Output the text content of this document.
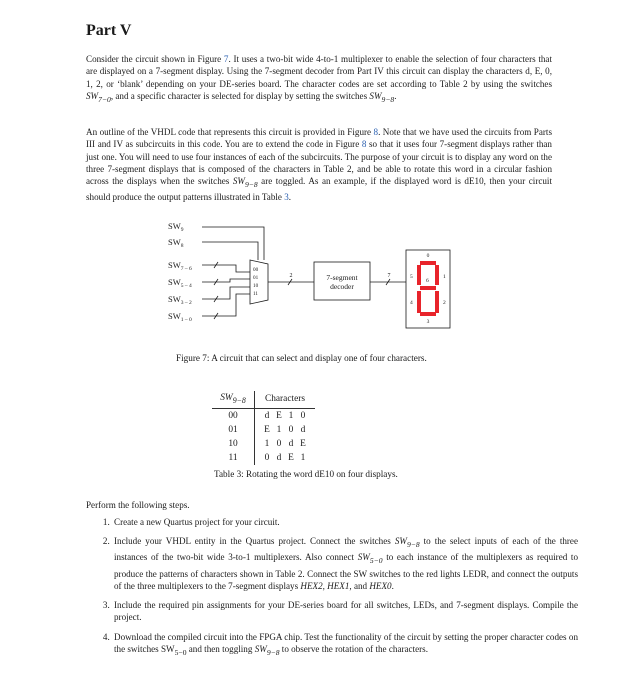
Part V

Consider the circuit shown in Figure 7. It uses a two-bit wide 4-to-1 multiplexer to enable the selection of four characters that are displayed on a 7-segment display. Using the 7-segment decoder from Part IV this circuit can display the characters d, E, 0, 1, 2, or ‘blank’ depending on your DE-series board. The character codes are set according to Table 2 by using the switches $SW_{7-0}$, and a specific character is selected for display by setting the switches $SW_{9-8}$.

An outline of the VHDL code that represents this circuit is provided in Figure 8. Note that we have used the circuits from Parts III and IV as subcircuits in this code. You are to extend the code in Figure 8 so that it uses four 7-segment displays rather than just one. You will need to use four instances of each of the subcircuits. The purpose of your circuit is to display any word on the three 7-segment displays that is composed of the characters in Table 2, and be able to rotate this word in a circular fashion across the displays when the switches $SW_{9-8}$ are toggled. As an example, if the displayed word is dE10, then your circuit should produce the output patterns illustrated in Table 3.

$SW_9$
$SW_8$
$SW_{7 - 6}$
$SW_{5 - 4}$
$SW_{3 - 2}$
$SW_{1 - 0}$
2	7
00
01
10
11
7-segment
decoder
0
1
2
3
4
5
6

Figure 7: A circuit that can select and display one of four characters.

$SW_{9-8}$	Characters
00	d E 1 0
01	E 1 0 d
10	1 0 d E
11	0 d E 1

Table 3: Rotating the word dE10 on four displays.

Perform the following steps.

1. Create a new Quartus project for your circuit.
2. Include your VHDL entity in the Quartus project. Connect the switches $SW_{9-8}$ to the select inputs of each of the three instances of the two-bit wide 3-to-1 multiplexers. Also connect $SW_{5-0}$ to each instance of the multiplexers as required to produce the patterns of characters shown in Table 2. Connect the SW switches to the red lights LEDR, and connect the outputs of the three multiplexers to the 7-segment displays HEX2, HEX1, and HEX0.
3. Include the required pin assignments for your DE-series board for all switches, LEDs, and 7-segment displays. Compile the project.
4. Download the compiled circuit into the FPGA chip. Test the functionality of the circuit by setting the proper character codes on the switches $SW_{5-0}$ and then toggling $SW_{9-8}$ to observe the rotation of the characters.
